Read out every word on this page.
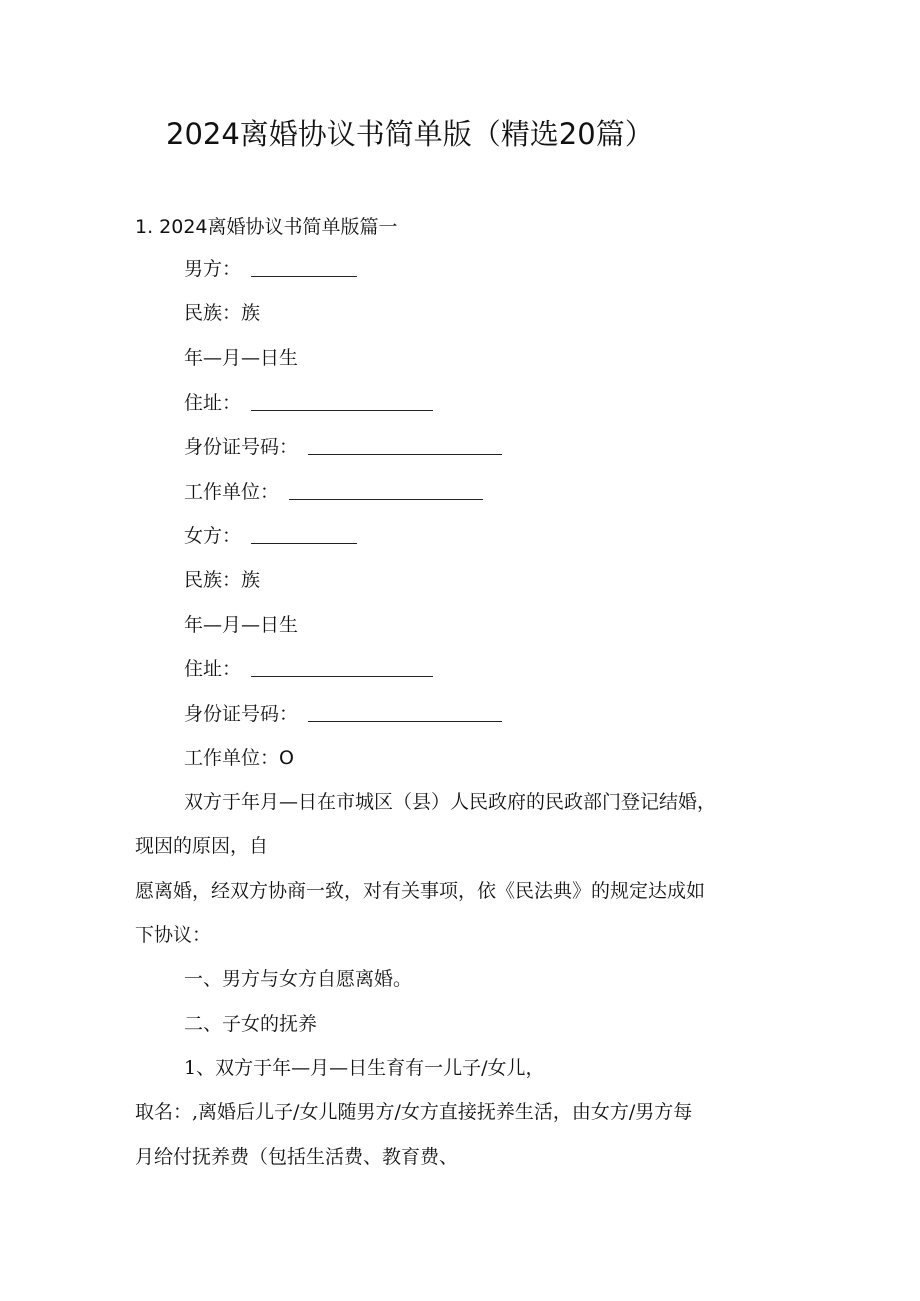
2024离婚协议书简单版（精选20篇）
1. 2024离婚协议书简单版篇一
男方：
民族：族
年—月—日生
住址：
身份证号码：
工作单位：
女方：
民族：族
年—月—日生
住址：
身份证号码：
工作单位：O
双方于年月—日在市城区（县）人民政府的民政部门登记结婚，
现因的原因，自
愿离婚，经双方协商一致，对有关事项，依《民法典》的规定达成如
下协议：
一、男方与女方自愿离婚。
二、子女的抚养
1、双方于年—月—日生育有一儿子/女儿，
取名：,离婚后儿子/女儿随男方/女方直接抚养生活，由女方/男方每
月给付抚养费（包括生活费、教育费、
